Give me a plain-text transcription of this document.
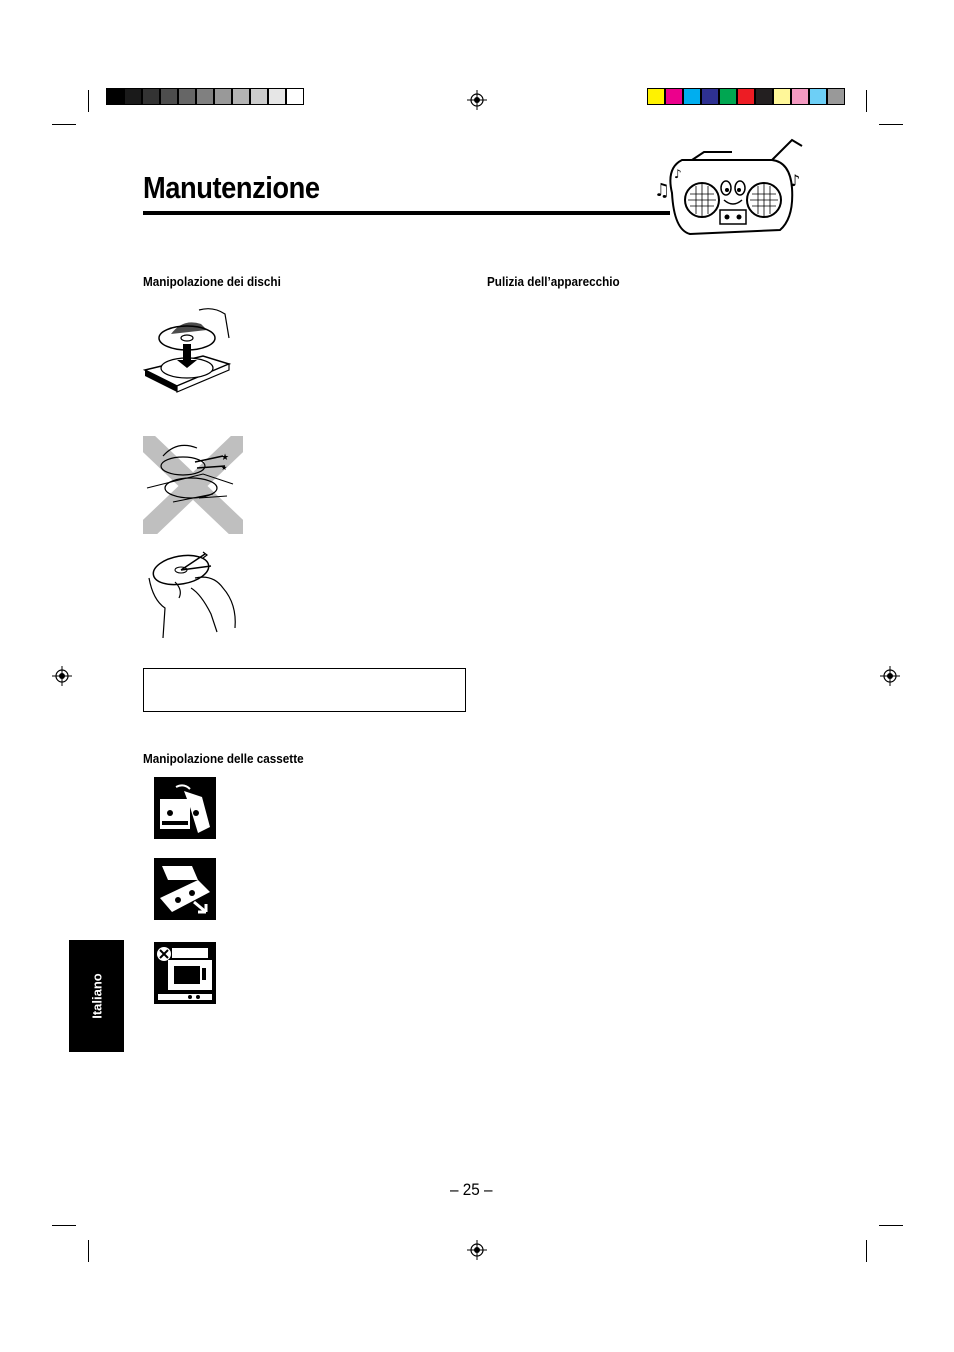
Manutenzione	♫
♪	♪
Manipolazione dei dischi	Pulizia dell’apparecchio
Manipolazione delle cassette
★
★
Italiano
– 25 –
